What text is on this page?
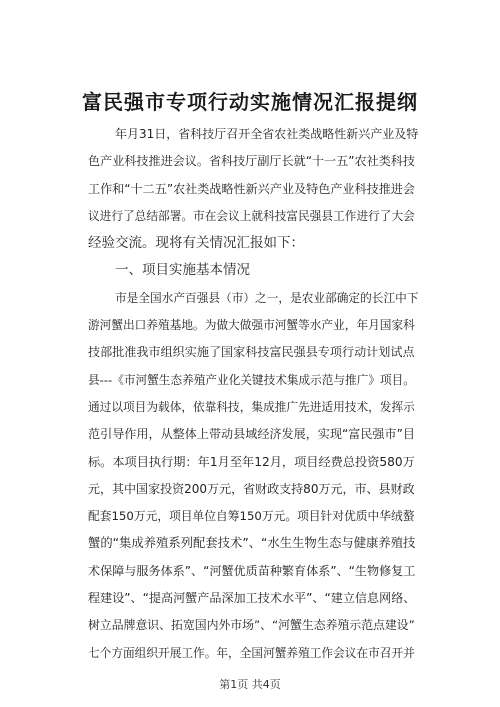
富民强市专项行动实施情况汇报提纲
年月31日，省科技厅召开全省农社类战略性新兴产业及特
色产业科技推进会议。省科技厅副厅长就“十一五”农社类科技
工作和“十二五”农社类战略性新兴产业及特色产业科技推进会
议进行了总结部署。市在会议上就科技富民强县工作进行了大会
经验交流。现将有关情况汇报如下：
一、项目实施基本情况
市是全国水产百强县（市）之一，是农业部确定的长江中下
游河蟹出口养殖基地。为做大做强市河蟹等水产业，年月国家科
技部批准我市组织实施了国家科技富民强县专项行动计划试点
县---《市河蟹生态养殖产业化关键技术集成示范与推广》项目。
通过以项目为载体，依靠科技，集成推广先进适用技术，发挥示
范引导作用，从整体上带动县域经济发展，实现“富民强市”目
标。本项目执行期：年1月至年12月，项目经费总投资580万
元，其中国家投资200万元，省财政支持80万元，市、县财政
配套150万元，项目单位自筹150万元。项目针对优质中华绒螯
蟹的“集成养殖系列配套技术”、“水生生物生态与健康养殖技
术保障与服务体系”、“河蟹优质苗种繁育体系”、“生物修复工
程建设”、“提高河蟹产品深加工技术水平”、“建立信息网络、
树立品牌意识、拓宽国内外市场”、“河蟹生态养殖示范点建设”
七个方面组织开展工作。年，全国河蟹养殖工作会议在市召开并
第1页 共4页
